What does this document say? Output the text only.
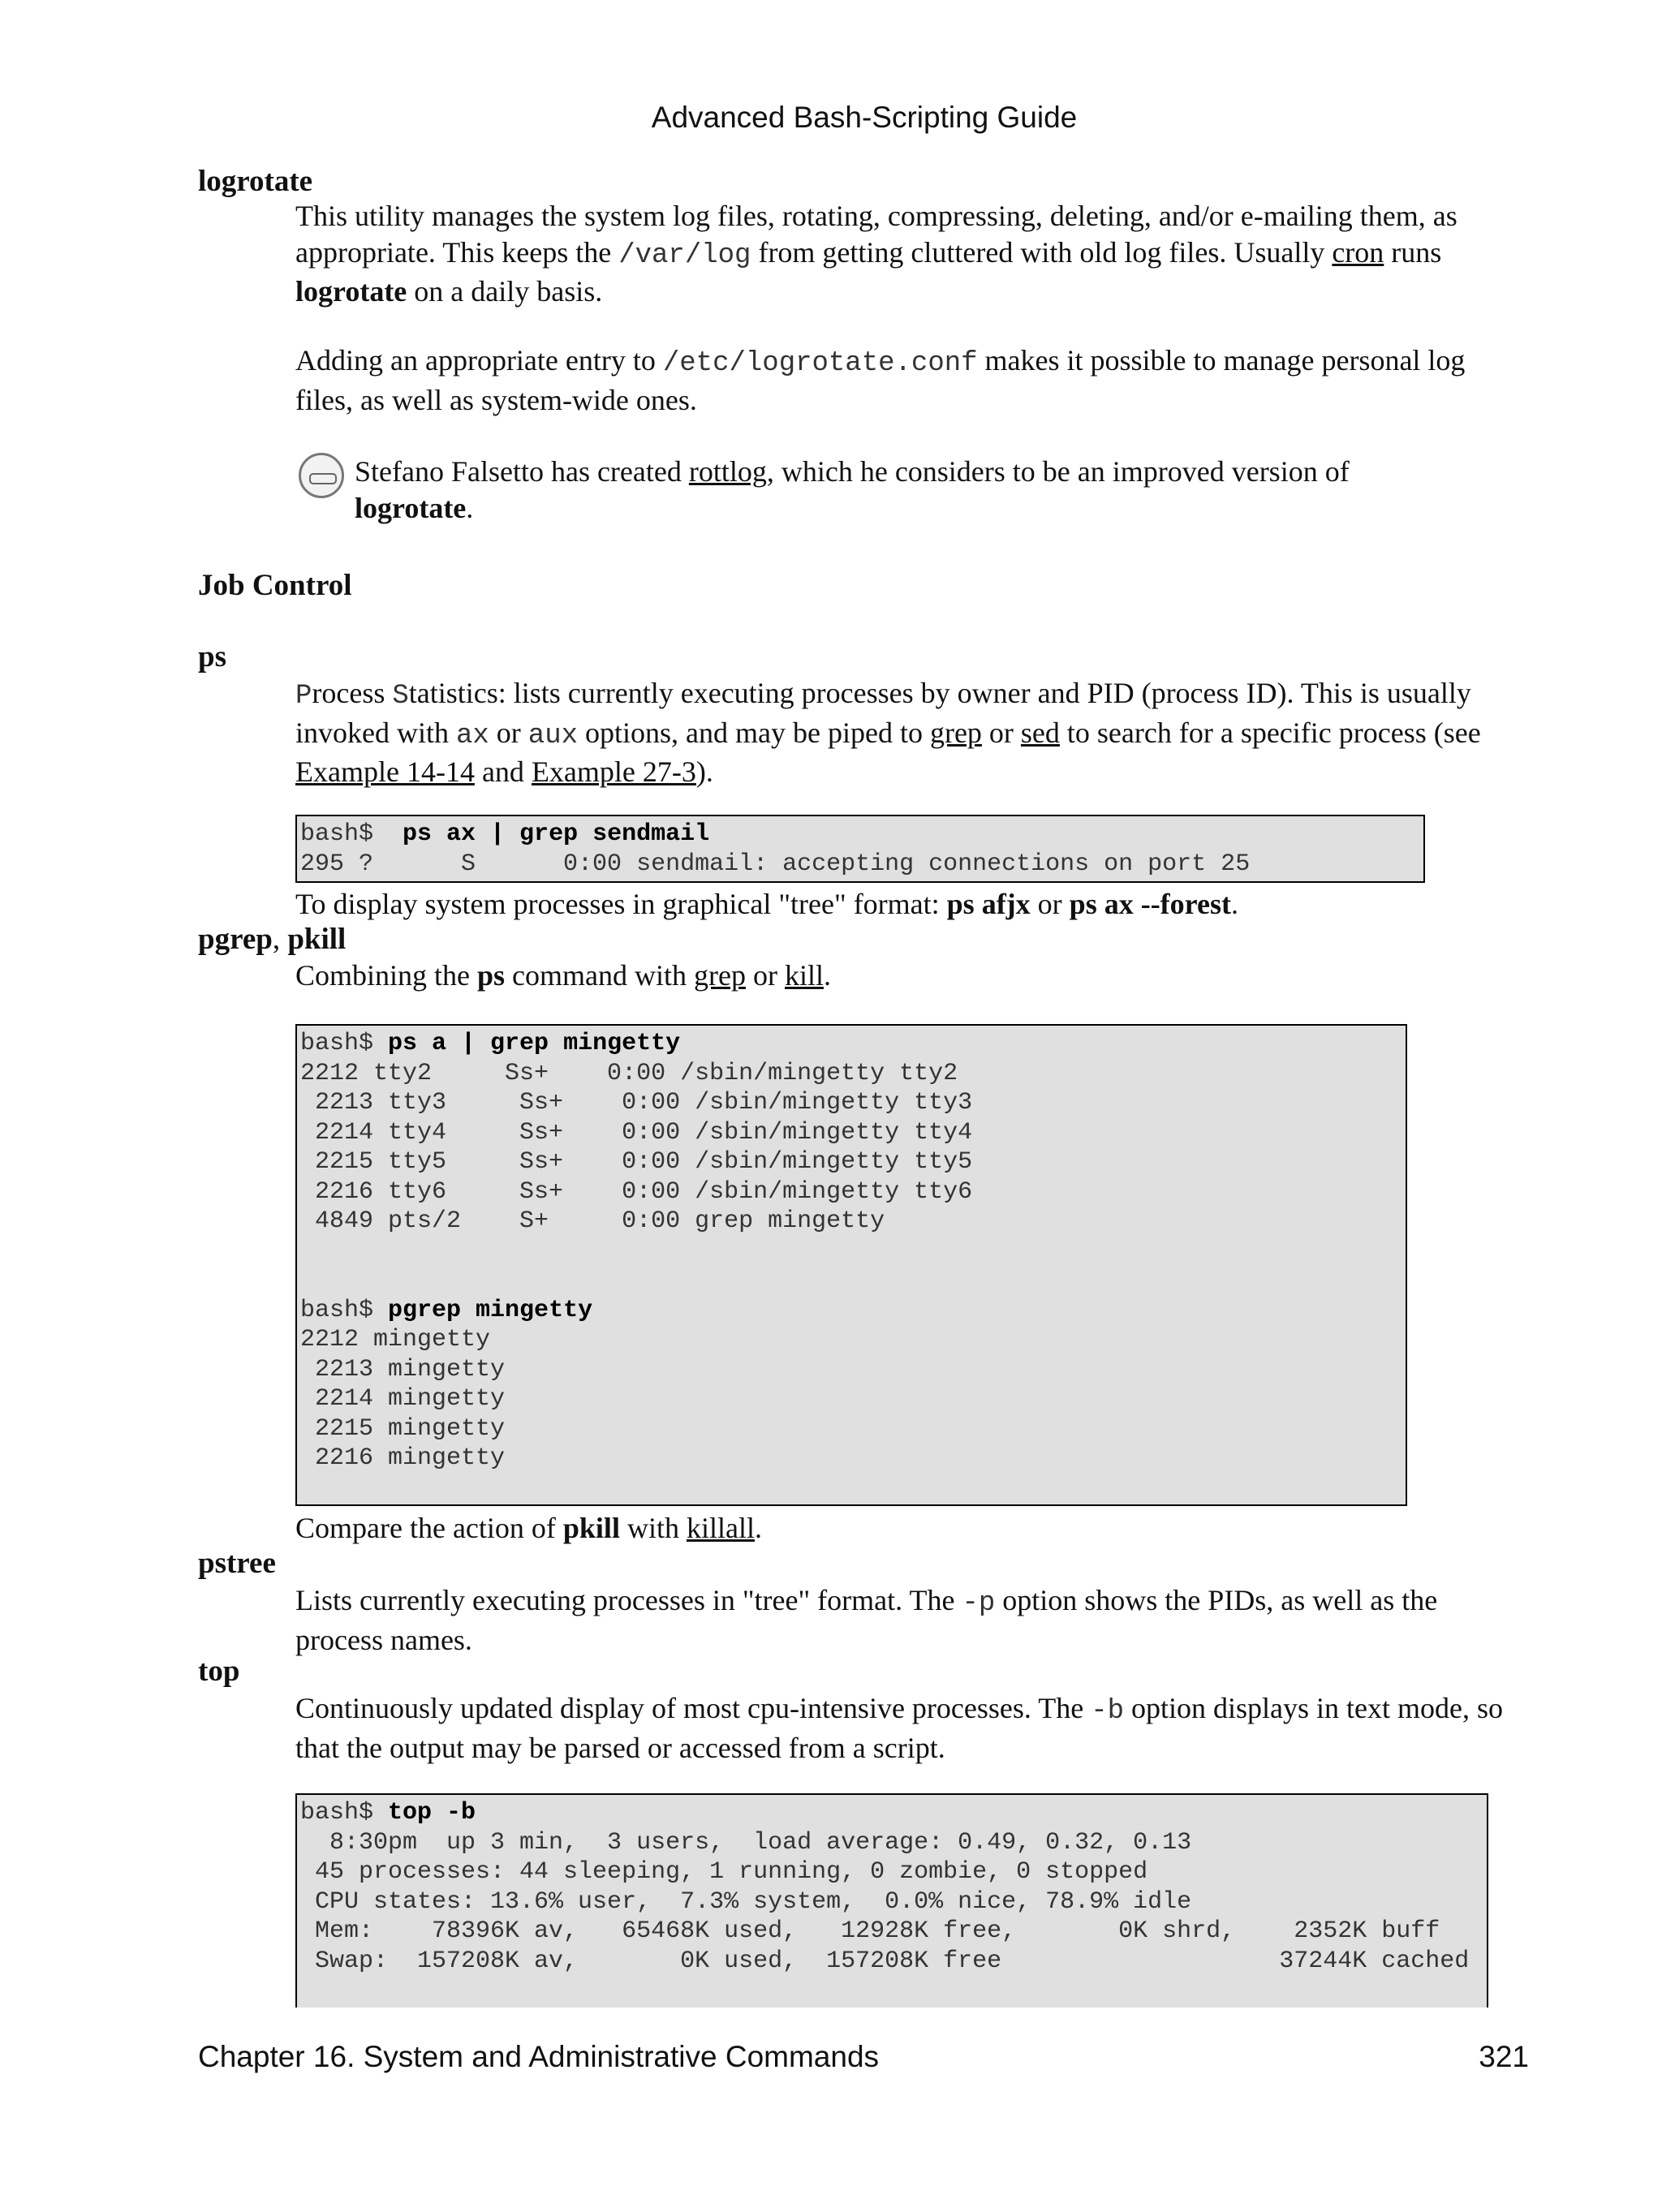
Advanced Bash-Scripting Guide
logrotate
This utility manages the system log files, rotating, compressing, deleting, and/or e-mailing them, as appropriate. This keeps the /var/log from getting cluttered with old log files. Usually cron runs logrotate on a daily basis.
Adding an appropriate entry to /etc/logrotate.conf makes it possible to manage personal log files, as well as system-wide ones.
Stefano Falsetto has created rottlog, which he considers to be an improved version of logrotate.
Job Control
ps
Process Statistics: lists currently executing processes by owner and PID (process ID). This is usually invoked with ax or aux options, and may be piped to grep or sed to search for a specific process (see Example 14-14 and Example 27-3).
bash$  ps ax | grep sendmail
295 ?      S      0:00 sendmail: accepting connections on port 25
To display system processes in graphical "tree" format: ps afjx or ps ax --forest.
pgrep, pkill
Combining the ps command with grep or kill.
bash$ ps a | grep mingetty
2212 tty2     Ss+    0:00 /sbin/mingetty tty2
2213 tty3     Ss+    0:00 /sbin/mingetty tty3
2214 tty4     Ss+    0:00 /sbin/mingetty tty4
2215 tty5     Ss+    0:00 /sbin/mingetty tty5
2216 tty6     Ss+    0:00 /sbin/mingetty tty6
4849 pts/2    S+     0:00 grep mingetty
bash$ pgrep mingetty
2212 mingetty
2213 mingetty
2214 mingetty
2215 mingetty
2216 mingetty
Compare the action of pkill with killall.
pstree
Lists currently executing processes in "tree" format. The -p option shows the PIDs, as well as the process names.
top
Continuously updated display of most cpu-intensive processes. The -b option displays in text mode, so that the output may be parsed or accessed from a script.
bash$ top -b
8:30pm  up 3 min,  3 users,  load average: 0.49, 0.32, 0.13
45 processes: 44 sleeping, 1 running, 0 zombie, 0 stopped
CPU states: 13.6% user,  7.3% system,  0.0% nice, 78.9% idle
Mem:    78396K av,   65468K used,   12928K free,       0K shrd,    2352K buff
Swap:  157208K av,       0K used,  157208K free                   37244K cached
Chapter 16. System and Administrative Commands	321
